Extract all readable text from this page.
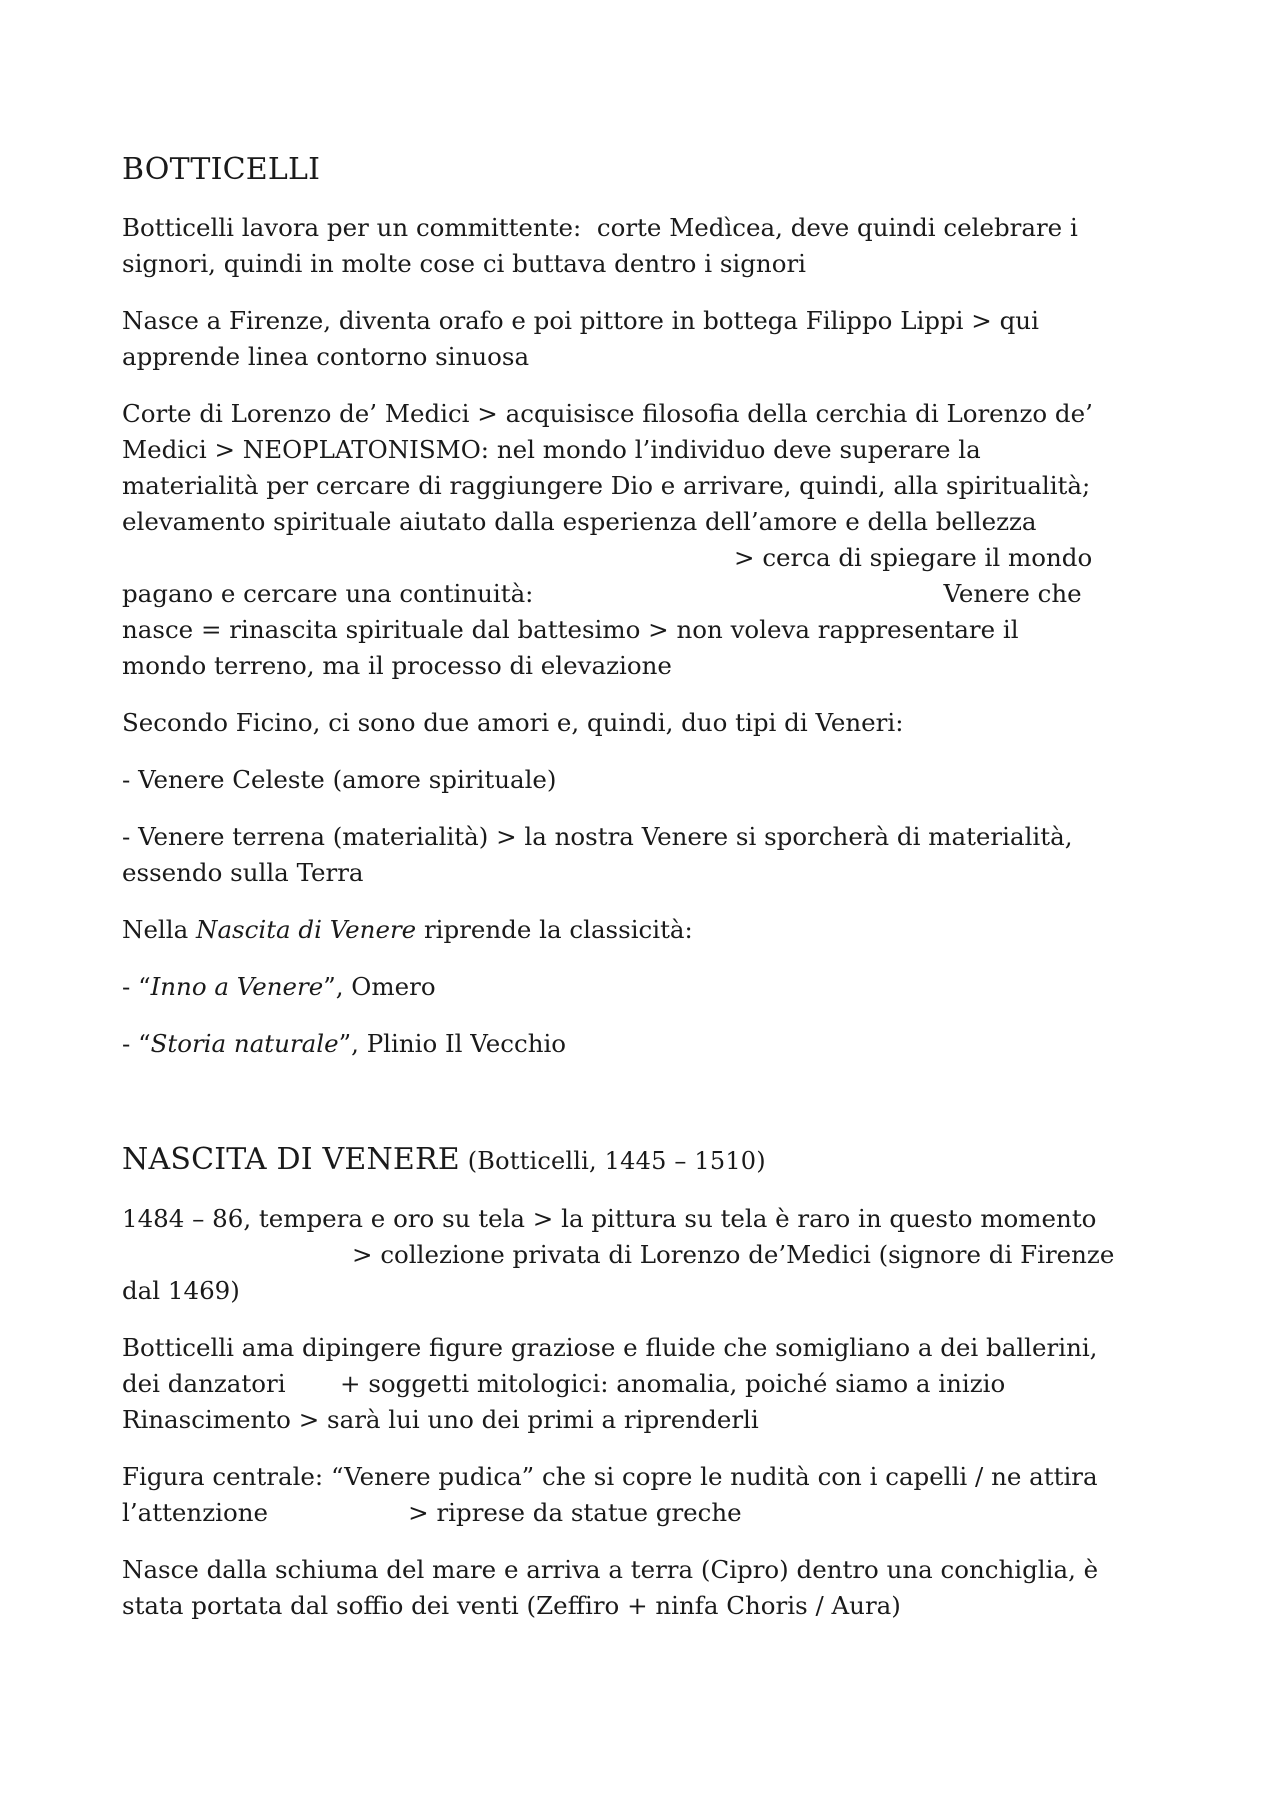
BOTTICELLI

Botticelli lavora per un committente:  corte Medìcea, deve quindi celebrare i
signori, quindi in molte cose ci buttava dentro i signori

Nasce a Firenze, diventa orafo e poi pittore in bottega Filippo Lippi > qui
apprende linea contorno sinuosa

Corte di Lorenzo de’ Medici > acquisisce filosofia della cerchia di Lorenzo de’
Medici > NEOPLATONISMO: nel mondo l’individuo deve superare la
materialità per cercare di raggiungere Dio e arrivare, quindi, alla spiritualità;
elevamento spirituale aiutato dalla esperienza dell’amore e della bellezza
> cerca di spiegare il mondo
pagano e cercare una continuità:	Venere che
nasce = rinascita spirituale dal battesimo > non voleva rappresentare il
mondo terreno, ma il processo di elevazione

Secondo Ficino, ci sono due amori e, quindi, duo tipi di Veneri:

- Venere Celeste (amore spirituale)

- Venere terrena (materialità) > la nostra Venere si sporcherà di materialità,
essendo sulla Terra

Nella Nascita di Venere riprende la classicità:

- “Inno a Venere”, Omero

- “Storia naturale”, Plinio Il Vecchio

NASCITA DI VENERE (Botticelli, 1445 – 1510)

1484 – 86, tempera e oro su tela > la pittura su tela è raro in questo momento
> collezione privata di Lorenzo de’Medici (signore di Firenze
dal 1469)

Botticelli ama dipingere figure graziose e fluide che somigliano a dei ballerini,
dei danzatori       + soggetti mitologici: anomalia, poiché siamo a inizio
Rinascimento > sarà lui uno dei primi a riprenderli

Figura centrale: “Venere pudica” che si copre le nudità con i capelli / ne attira
l’attenzione                  > riprese da statue greche

Nasce dalla schiuma del mare e arriva a terra (Cipro) dentro una conchiglia, è
stata portata dal soffio dei venti (Zeffiro + ninfa Choris / Aura)
